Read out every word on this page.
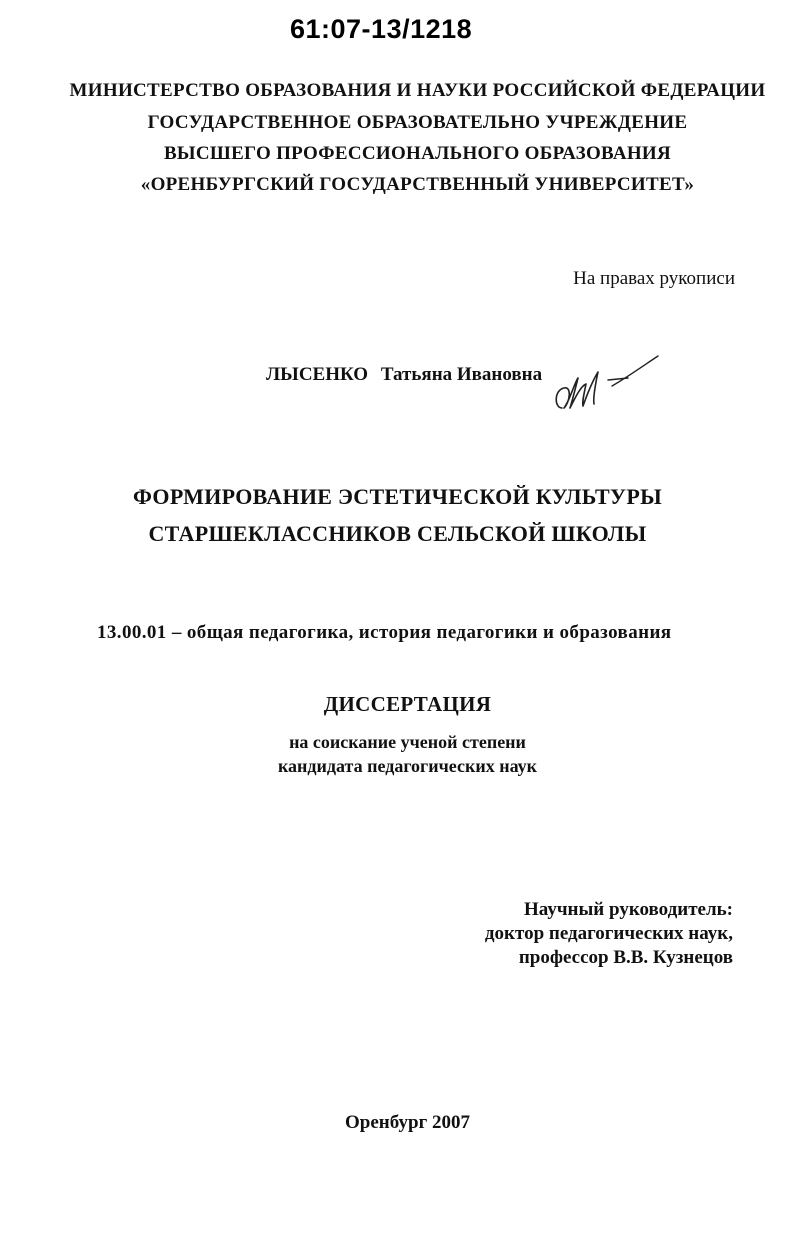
61:07-13/1218
МИНИСТЕРСТВО ОБРАЗОВАНИЯ И НАУКИ РОССИЙСКОЙ ФЕДЕРАЦИИ
ГОСУДАРСТВЕННОЕ ОБРАЗОВАТЕЛЬНО УЧРЕЖДЕНИЕ
ВЫСШЕГО ПРОФЕССИОНАЛЬНОГО ОБРАЗОВАНИЯ
«ОРЕНБУРГСКИЙ ГОСУДАРСТВЕННЫЙ УНИВЕРСИТЕТ»
На правах рукописи
ЛЫСЕНКО Татьяна Ивановна
ФОРМИРОВАНИЕ ЭСТЕТИЧЕСКОЙ КУЛЬТУРЫ
СТАРШЕКЛАССНИКОВ СЕЛЬСКОЙ ШКОЛЫ
13.00.01 – общая педагогика, история педагогики и образования
ДИССЕРТАЦИЯ
на соискание ученой степени
кандидата педагогических наук
Научный руководитель:
доктор педагогических наук,
профессор В.В. Кузнецов
Оренбург 2007
